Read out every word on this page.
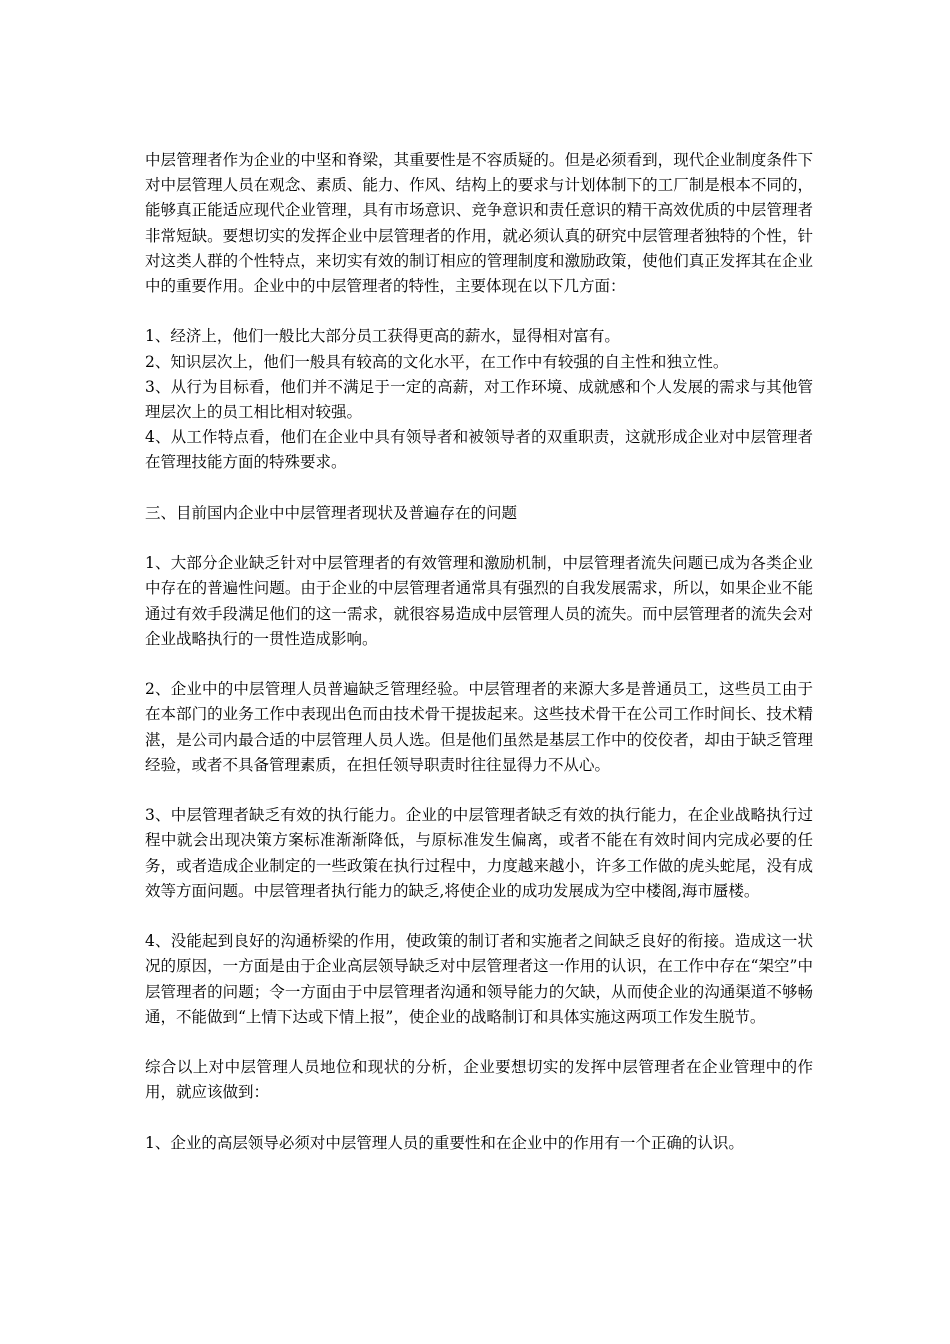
中层管理者作为企业的中坚和脊梁，其重要性是不容质疑的。但是必须看到，现代企业制度条件下对中层管理人员在观念、素质、能力、作风、结构上的要求与计划体制下的工厂制是根本不同的，能够真正能适应现代企业管理，具有市场意识、竞争意识和责任意识的精干高效优质的中层管理者非常短缺。要想切实的发挥企业中层管理者的作用，就必须认真的研究中层管理者独特的个性，针对这类人群的个性特点，来切实有效的制订相应的管理制度和激励政策，使他们真正发挥其在企业中的重要作用。企业中的中层管理者的特性，主要体现在以下几方面：

1、经济上，他们一般比大部分员工获得更高的薪水，显得相对富有。
2、知识层次上，他们一般具有较高的文化水平，在工作中有较强的自主性和独立性。
3、从行为目标看，他们并不满足于一定的高薪，对工作环境、成就感和个人发展的需求与其他管理层次上的员工相比相对较强。
4、从工作特点看，他们在企业中具有领导者和被领导者的双重职责，这就形成企业对中层管理者在管理技能方面的特殊要求。

三、目前国内企业中中层管理者现状及普遍存在的问题

1、大部分企业缺乏针对中层管理者的有效管理和激励机制，中层管理者流失问题已成为各类企业中存在的普遍性问题。由于企业的中层管理者通常具有强烈的自我发展需求，所以，如果企业不能通过有效手段满足他们的这一需求，就很容易造成中层管理人员的流失。而中层管理者的流失会对企业战略执行的一贯性造成影响。

2、企业中的中层管理人员普遍缺乏管理经验。中层管理者的来源大多是普通员工，这些员工由于在本部门的业务工作中表现出色而由技术骨干提拔起来。这些技术骨干在公司工作时间长、技术精湛，是公司内最合适的中层管理人员人选。但是他们虽然是基层工作中的佼佼者，却由于缺乏管理经验，或者不具备管理素质，在担任领导职责时往往显得力不从心。

3、中层管理者缺乏有效的执行能力。企业的中层管理者缺乏有效的执行能力，在企业战略执行过程中就会出现决策方案标准渐渐降低，与原标准发生偏离，或者不能在有效时间内完成必要的任务，或者造成企业制定的一些政策在执行过程中，力度越来越小，许多工作做的虎头蛇尾，没有成效等方面问题。中层管理者执行能力的缺乏,将使企业的成功发展成为空中楼阁,海市蜃楼。

4、没能起到良好的沟通桥梁的作用，使政策的制订者和实施者之间缺乏良好的衔接。造成这一状况的原因，一方面是由于企业高层领导缺乏对中层管理者这一作用的认识，在工作中存在“架空”中层管理者的问题；令一方面由于中层管理者沟通和领导能力的欠缺，从而使企业的沟通渠道不够畅通，不能做到“上情下达或下情上报”，使企业的战略制订和具体实施这两项工作发生脱节。

综合以上对中层管理人员地位和现状的分析，企业要想切实的发挥中层管理者在企业管理中的作用，就应该做到：

1、企业的高层领导必须对中层管理人员的重要性和在企业中的作用有一个正确的认识。
